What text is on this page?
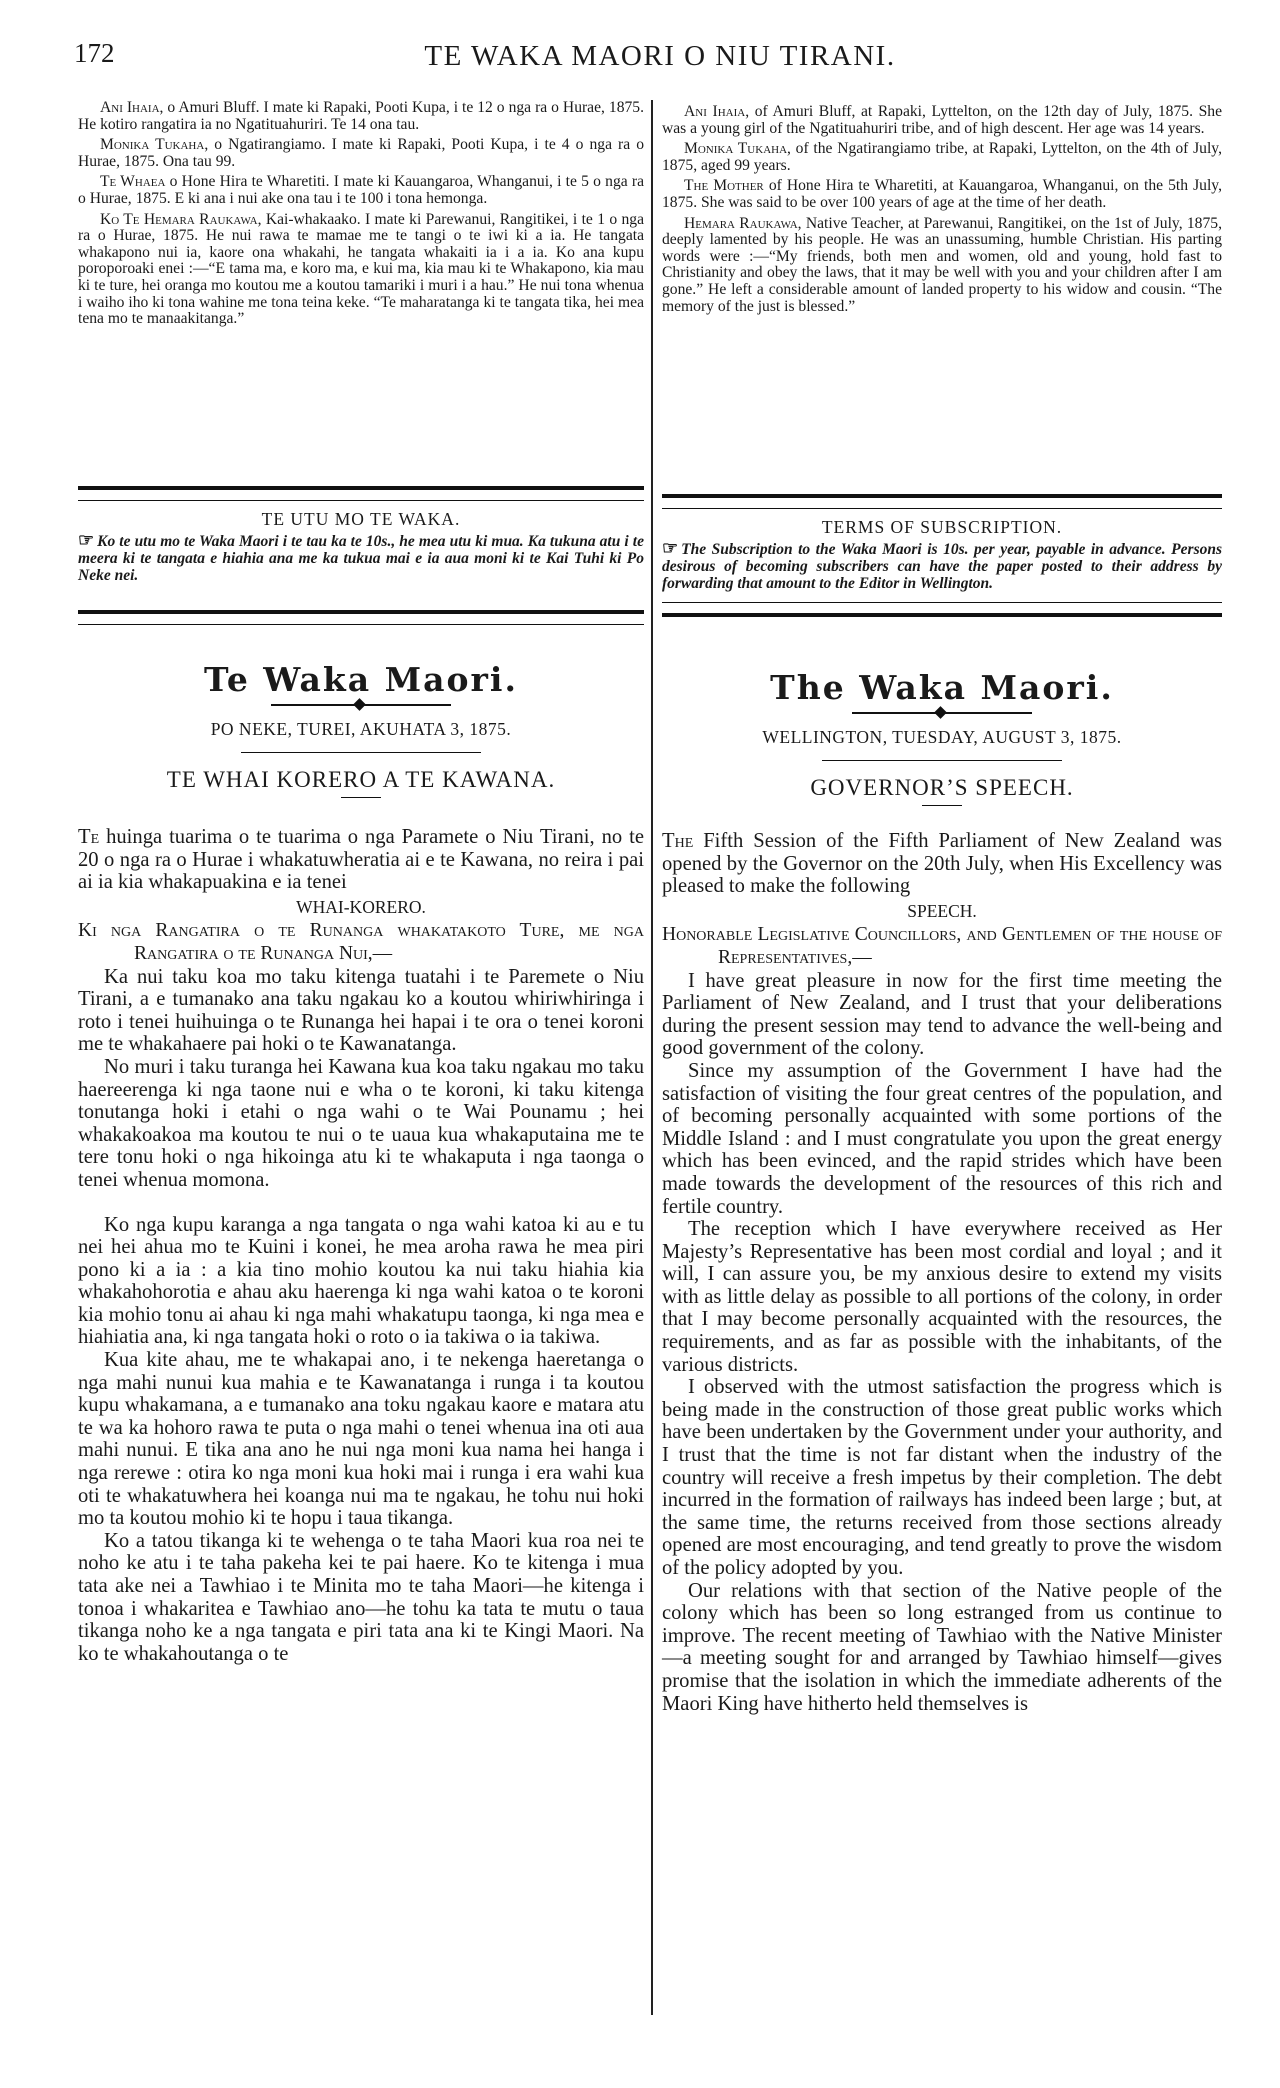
172	TE WAKA MAORI O NIU TIRANI.

Ani Ihaia, o Amuri Bluff. I mate ki Rapaki, Pooti Kupa, i te 12 o nga ra o Hurae, 1875. He kotiro rangatira ia no Ngatituahuriri. Te 14 ona tau.

Monika Tukaha, o Ngatirangiamo. I mate ki Rapaki, Pooti Kupa, i te 4 o nga ra o Hurae, 1875. Ona tau 99.

Te Whaea o Hone Hira te Wharetiti. I mate ki Kauangaroa, Whanganui, i te 5 o nga ra o Hurae, 1875. E ki ana i nui ake ona tau i te 100 i tona hemonga.

Ko Te Hemara Raukawa, Kai-whakaako. I mate ki Parewanui, Rangitikei, i te 1 o nga ra o Hurae, 1875. He nui rawa te mamae me te tangi o te iwi ki a ia. He tangata whakapono nui ia, kaore ona whakahi, he tangata whakaiti ia i a ia. Ko ana kupu poroporoaki enei :—“E tama ma, e koro ma, e kui ma, kia mau ki te Whakapono, kia mau ki te ture, hei oranga mo koutou me a koutou tamariki i muri i a hau.” He nui tona whenua i waiho iho ki tona wahine me tona teina keke. “Te maharatanga ki te tangata tika, hei mea tena mo te manaakitanga.”

TE UTU MO TE WAKA.
☞ Ko te utu mo te Waka Maori i te tau ka te 10s., he mea utu ki mua. Ka tukuna atu i te meera ki te tangata e hiahia ana me ka tukua mai e ia aua moni ki te Kai Tuhi ki Po Neke nei.
Te Waka Maori.
PO NEKE, TUREI, AKUHATA 3, 1875.
TE WHAI KORERO A TE KAWANA.

Te huinga tuarima o te tuarima o nga Paramete o Niu Tirani, no te 20 o nga ra o Hurae i whakatuwheratia ai e te Kawana, no reira i pai ai ia kia whakapuakina e ia tenei

WHAI-KORERO.

Ki nga Rangatira o te Runanga whakatakoto Ture, me nga Rangatira o te Runanga Nui,—

Ka nui taku koa mo taku kitenga tuatahi i te Paremete o Niu Tirani, a e tumanako ana taku ngakau ko a koutou whiriwhiringa i roto i tenei huihuinga o te Runanga hei hapai i te ora o tenei koroni me te whakahaere pai hoki o te Kawanatanga.

No muri i taku turanga hei Kawana kua koa taku ngakau mo taku haereerenga ki nga taone nui e wha o te koroni, ki taku kitenga tonutanga hoki i etahi o nga wahi o te Wai Pounamu ; hei whakakoakoa ma koutou te nui o te uaua kua whakaputaina me te tere tonu hoki o nga hikoinga atu ki te whakaputa i nga taonga o tenei whenua momona.

Ko nga kupu karanga a nga tangata o nga wahi katoa ki au e tu nei hei ahua mo te Kuini i konei, he mea aroha rawa he mea piri pono ki a ia : a kia tino mohio koutou ka nui taku hiahia kia whakahohorotia e ahau aku haerenga ki nga wahi katoa o te koroni kia mohio tonu ai ahau ki nga mahi whakatupu taonga, ki nga mea e hiahiatia ana, ki nga tangata hoki o roto o ia takiwa o ia takiwa.

Kua kite ahau, me te whakapai ano, i te nekenga haeretanga o nga mahi nunui kua mahia e te Kawanatanga i runga i ta koutou kupu whakamana, a e tumanako ana toku ngakau kaore e matara atu te wa ka hohoro rawa te puta o nga mahi o tenei whenua ina oti aua mahi nunui. E tika ana ano he nui nga moni kua nama hei hanga i nga rerewe : otira ko nga moni kua hoki mai i runga i era wahi kua oti te whakatuwhera hei koanga nui ma te ngakau, he tohu nui hoki mo ta koutou mohio ki te hopu i taua tikanga.

Ko a tatou tikanga ki te wehenga o te taha Maori kua roa nei te noho ke atu i te taha pakeha kei te pai haere. Ko te kitenga i mua tata ake nei a Tawhiao i te Minita mo te taha Maori—he kitenga i tonoa i whakaritea e Tawhiao ano—he tohu ka tata te mutu o taua tikanga noho ke a nga tangata e piri tata ana ki te Kingi Maori. Na ko te whakahoutanga o te

Ani Ihaia, of Amuri Bluff, at Rapaki, Lyttelton, on the 12th day of July, 1875. She was a young girl of the Ngatituahuriri tribe, and of high descent. Her age was 14 years.

Monika Tukaha, of the Ngatirangiamo tribe, at Rapaki, Lyttelton, on the 4th of July, 1875, aged 99 years.

The Mother of Hone Hira te Wharetiti, at Kauangaroa, Whanganui, on the 5th July, 1875. She was said to be over 100 years of age at the time of her death.

Hemara Raukawa, Native Teacher, at Parewanui, Rangitikei, on the 1st of July, 1875, deeply lamented by his people. He was an unassuming, humble Christian. His parting words were :—“My friends, both men and women, old and young, hold fast to Christianity and obey the laws, that it may be well with you and your children after I am gone.” He left a considerable amount of landed property to his widow and cousin. “The memory of the just is blessed.”

TERMS OF SUBSCRIPTION.
☞ The Subscription to the Waka Maori is 10s. per year, payable in advance. Persons desirous of becoming subscribers can have the paper posted to their address by forwarding that amount to the Editor in Wellington.
The Waka Maori.
WELLINGTON, TUESDAY, AUGUST 3, 1875.
GOVERNOR’S SPEECH.

The Fifth Session of the Fifth Parliament of New Zealand was opened by the Governor on the 20th July, when His Excellency was pleased to make the following

SPEECH.

Honorable Legislative Councillors, and Gentlemen of the house of Representatives,—

I have great pleasure in now for the first time meeting the Parliament of New Zealand, and I trust that your deliberations during the present session may tend to advance the well-being and good government of the colony.

Since my assumption of the Government I have had the satisfaction of visiting the four great centres of the population, and of becoming personally acquainted with some portions of the Middle Island : and I must congratulate you upon the great energy which has been evinced, and the rapid strides which have been made towards the development of the resources of this rich and fertile country.

The reception which I have everywhere received as Her Majesty’s Representative has been most cordial and loyal ; and it will, I can assure you, be my anxious desire to extend my visits with as little delay as possible to all portions of the colony, in order that I may become personally acquainted with the resources, the requirements, and as far as possible with the inhabitants, of the various districts.

I observed with the utmost satisfaction the progress which is being made in the construction of those great public works which have been undertaken by the Government under your authority, and I trust that the time is not far distant when the industry of the country will receive a fresh impetus by their completion. The debt incurred in the formation of railways has indeed been large ; but, at the same time, the returns received from those sections already opened are most encouraging, and tend greatly to prove the wisdom of the policy adopted by you.

Our relations with that section of the Native people of the colony which has been so long estranged from us continue to improve. The recent meeting of Tawhiao with the Native Minister—a meeting sought for and arranged by Tawhiao himself—gives promise that the isolation in which the immediate adherents of the Maori King have hitherto held themselves is
